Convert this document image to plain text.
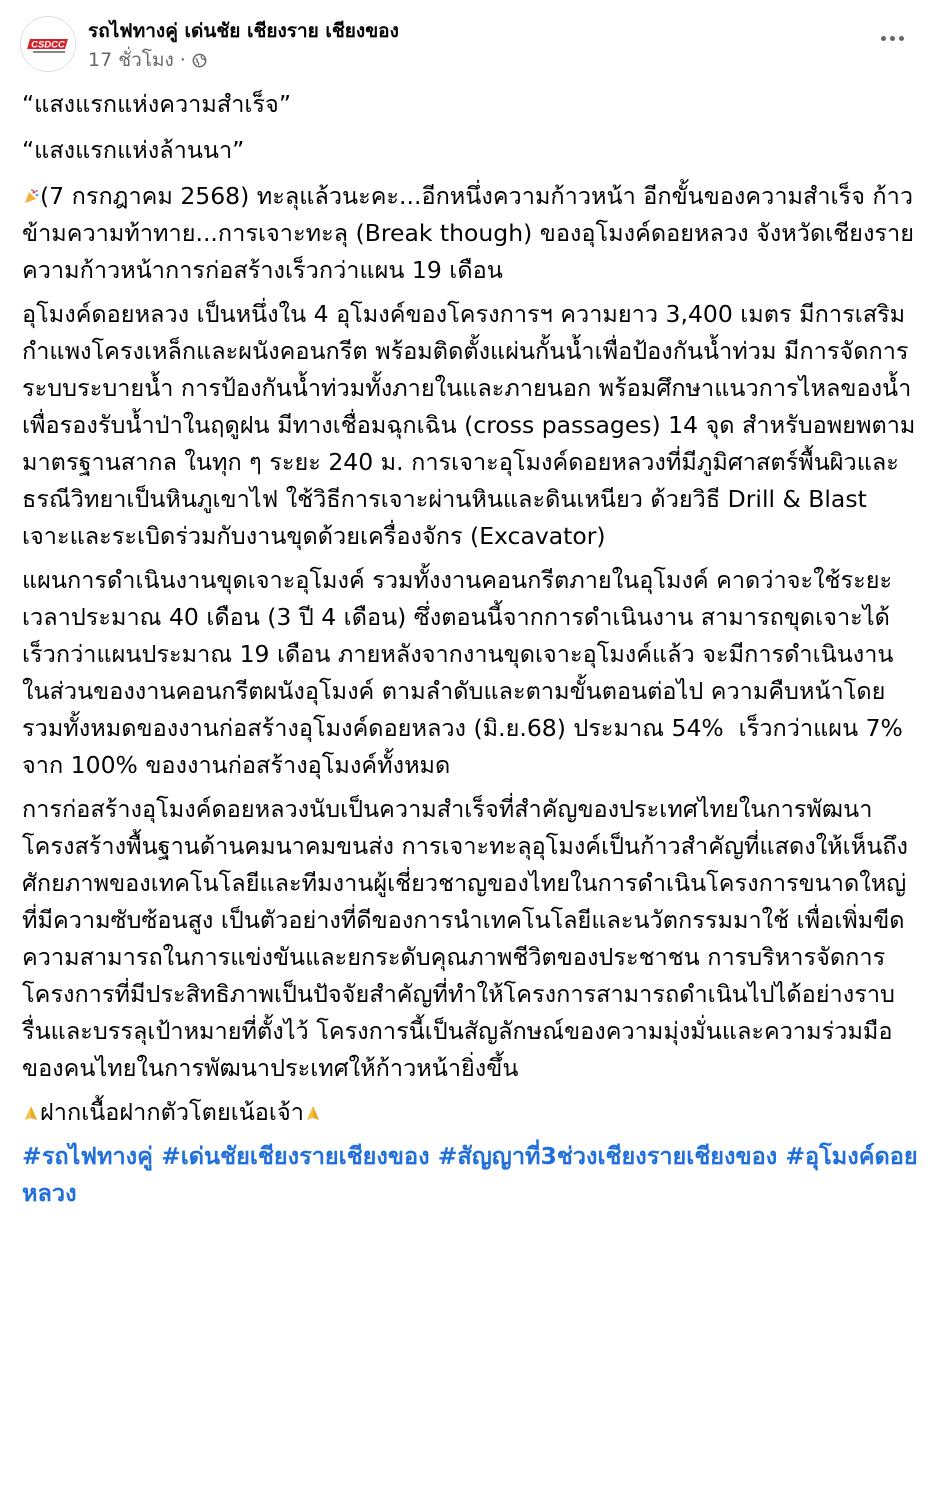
CSDCC
รถไฟทางคู่ เด่นชัย เชียงราย เชียงของ
17 ชั่วโมง ·

“แสงแรกแห่งความสำเร็จ”

“แสงแรกแห่งล้านนา”

(7 กรกฎาคม 2568) ทะลุแล้วนะคะ...อีกหนึ่งความก้าวหน้า อีกขั้นของความสำเร็จ ก้าวข้ามความท้าทาย...การเจาะทะลุ (Break though) ของอุโมงค์ดอยหลวง จังหวัดเชียงราย ความก้าวหน้าการก่อสร้างเร็วกว่าแผน 19 เดือน

อุโมงค์ดอยหลวง เป็นหนึ่งใน 4 อุโมงค์ของโครงการฯ ความยาว 3,400 เมตร มีการเสริมกำแพงโครงเหล็กและผนังคอนกรีต พร้อมติดตั้งแผ่นกั้นน้ำเพื่อป้องกันน้ำท่วม มีการจัดการระบบระบายน้ำ การป้องกันน้ำท่วมทั้งภายในและภายนอก พร้อมศึกษาแนวการไหลของน้ำเพื่อรองรับน้ำป่าในฤดูฝน มีทางเชื่อมฉุกเฉิน (cross passages) 14 จุด สำหรับอพยพตามมาตรฐานสากล ในทุก ๆ ระยะ 240 ม. การเจาะอุโมงค์ดอยหลวงที่มีภูมิศาสตร์พื้นผิวและธรณีวิทยาเป็นหินภูเขาไฟ ใช้วิธีการเจาะผ่านหินและดินเหนียว ด้วยวิธี Drill & Blast เจาะและระเบิดร่วมกับงานขุดด้วยเครื่องจักร (Excavator)

แผนการดำเนินงานขุดเจาะอุโมงค์ รวมทั้งงานคอนกรีตภายในอุโมงค์ คาดว่าจะใช้ระยะเวลาประมาณ 40 เดือน (3 ปี 4 เดือน) ซึ่งตอนนี้จากการดำเนินงาน สามารถขุดเจาะได้เร็วกว่าแผนประมาณ 19 เดือน ภายหลังจากงานขุดเจาะอุโมงค์แล้ว จะมีการดำเนินงานในส่วนของงานคอนกรีตผนังอุโมงค์ ตามลำดับและตามขั้นตอนต่อไป ความคืบหน้าโดยรวมทั้งหมดของงานก่อสร้างอุโมงค์ดอยหลวง (มิ.ย.68) ประมาณ 54%  เร็วกว่าแผน 7% จาก 100% ของงานก่อสร้างอุโมงค์ทั้งหมด

การก่อสร้างอุโมงค์ดอยหลวงนับเป็นความสำเร็จที่สำคัญของประเทศไทยในการพัฒนาโครงสร้างพื้นฐานด้านคมนาคมขนส่ง การเจาะทะลุอุโมงค์เป็นก้าวสำคัญที่แสดงให้เห็นถึงศักยภาพของเทคโนโลยีและทีมงานผู้เชี่ยวชาญของไทยในการดำเนินโครงการขนาดใหญ่ที่มีความซับซ้อนสูง เป็นตัวอย่างที่ดีของการนำเทคโนโลยีและนวัตกรรมมาใช้ เพื่อเพิ่มขีดความสามารถในการแข่งขันและยกระดับคุณภาพชีวิตของประชาชน การบริหารจัดการโครงการที่มีประสิทธิภาพเป็นปัจจัยสำคัญที่ทำให้โครงการสามารถดำเนินไปได้อย่างราบรื่นและบรรลุเป้าหมายที่ตั้งไว้ โครงการนี้เป็นสัญลักษณ์ของความมุ่งมั่นและความร่วมมือของคนไทยในการพัฒนาประเทศให้ก้าวหน้ายิ่งขึ้น

ฝากเนื้อฝากตัวโตยเน้อเจ้า

#รถไฟทางคู่ #เด่นชัยเชียงรายเชียงของ #สัญญาที่3ช่วงเชียงรายเชียงของ #อุโมงค์ดอยหลวง
